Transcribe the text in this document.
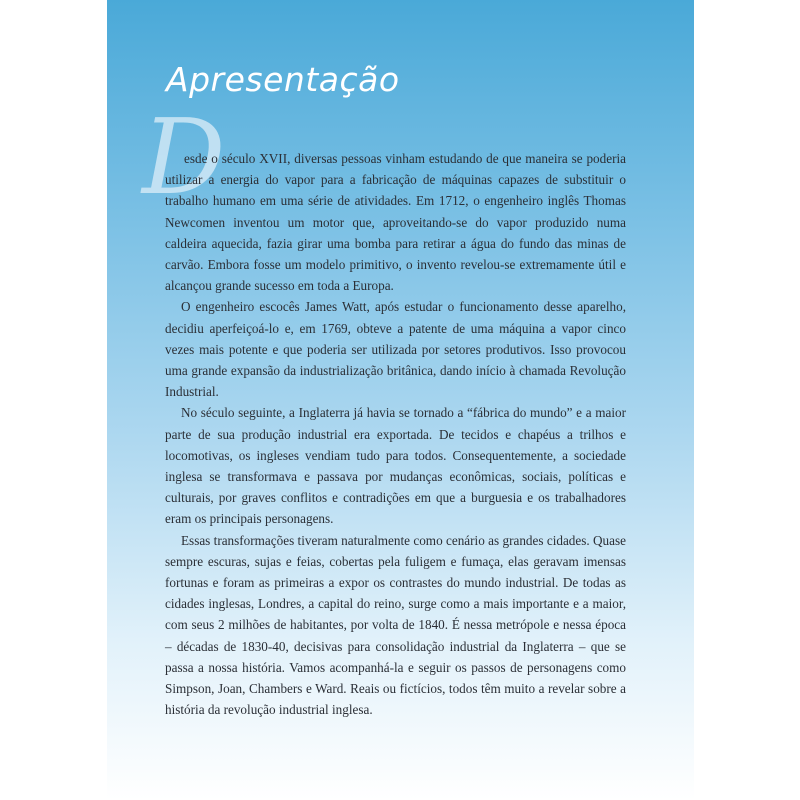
Apresentação
D

esde o século XVII, diversas pessoas vinham estudando de que maneira se poderia utilizar a energia do vapor para a fabricação de máquinas capazes de substituir o trabalho humano em uma série de atividades. Em 1712, o engenheiro inglês Thomas Newcomen inventou um motor que, aproveitando-se do vapor produzido numa caldeira aquecida, fazia girar uma bomba para retirar a água do fundo das minas de carvão. Embora fosse um modelo primitivo, o invento revelou-se extremamente útil e alcançou grande sucesso em toda a Europa.

O engenheiro escocês James Watt, após estudar o funcionamento desse aparelho, decidiu aperfeiçoá-lo e, em 1769, obteve a patente de uma máquina a vapor cinco vezes mais potente e que poderia ser utilizada por setores produtivos. Isso provocou uma grande expansão da industrialização britânica, dando início à chamada Revolução Industrial.

No século seguinte, a Inglaterra já havia se tornado a “fábrica do mundo” e a maior parte de sua produção industrial era exportada. De tecidos e chapéus a trilhos e locomotivas, os ingleses vendiam tudo para todos. Consequentemente, a sociedade inglesa se transformava e passava por mudanças econômicas, sociais, políticas e culturais, por graves conflitos e contradições em que a burguesia e os trabalhadores eram os principais personagens.

Essas transformações tiveram naturalmente como cenário as grandes cidades. Quase sempre escuras, sujas e feias, cobertas pela fuligem e fumaça, elas geravam imensas fortunas e foram as primeiras a expor os contrastes do mundo industrial. De todas as cidades inglesas, Londres, a capital do reino, surge como a mais importante e a maior, com seus 2 milhões de habitantes, por volta de 1840. É nessa metrópole e nessa época – décadas de 1830-40, decisivas para consolidação industrial da Inglaterra – que se passa a nossa história. Vamos acompanhá-la e seguir os passos de personagens como Simpson, Joan, Chambers e Ward. Reais ou fictícios, todos têm muito a revelar sobre a história da revolução industrial inglesa.
